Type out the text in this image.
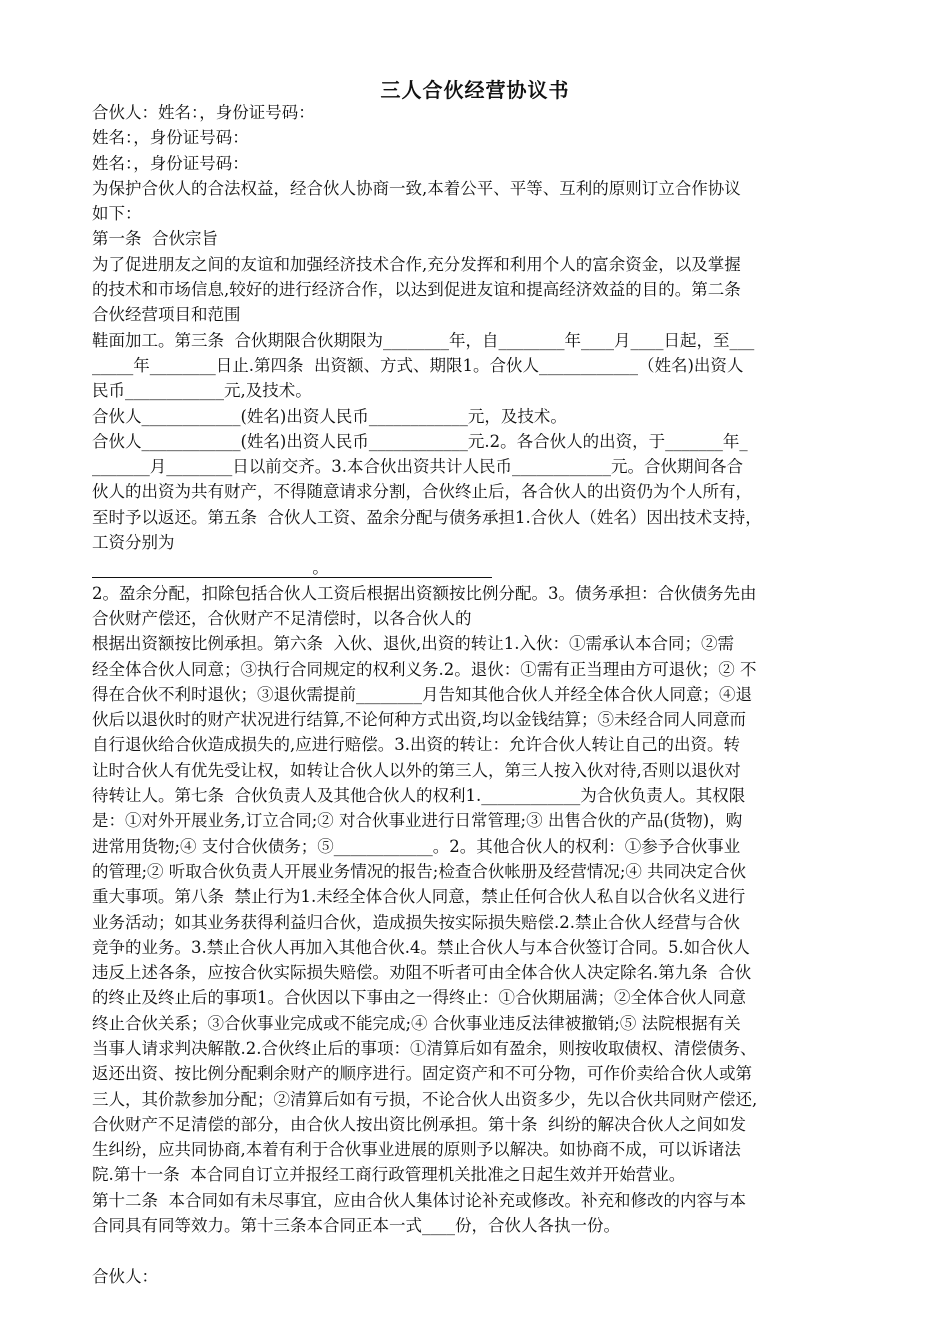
三人合伙经营协议书
合伙人：姓名：，身份证号码：
姓名：，身份证号码：
姓名：，身份证号码：
为保护合伙人的合法权益，经合伙人协商一致,本着公平、平等、互利的原则订立合作协议
如下：
第一条  合伙宗旨
为了促进朋友之间的友谊和加强经济技术合作,充分发挥和利用个人的富余资金，以及掌握
的技术和市场信息,较好的进行经济合作，以达到促进友谊和提高经济效益的目的。第二条
合伙经营项目和范围
鞋面加工。第三条  合伙期限合伙期限为________年，自________年____月____日起，至___
_____年________日止.第四条  出资额、方式、期限1。合伙人____________（姓名)出资人
民币____________元,及技术。
合伙人____________(姓名)出资人民币____________元，及技术。
合伙人____________(姓名)出资人民币____________元.2。各合伙人的出资，于_______年_
_______月________日以前交齐。3.本合伙出资共计人民币____________元。合伙期间各合
伙人的出资为共有财产，不得随意请求分割，合伙终止后，各合伙人的出资仍为个人所有，
至时予以返还。第五条  合伙人工资、盈余分配与债务承担1.合伙人（姓名）因出技术支持，
工资分别为
。
2。盈余分配，扣除包括合伙人工资后根据出资额按比例分配。3。债务承担：合伙债务先由
合伙财产偿还，合伙财产不足清偿时，以各合伙人的
根据出资额按比例承担。第六条  入伙、退伙,出资的转让1.入伙：①需承认本合同；②需
经全体合伙人同意；③执行合同规定的权利义务.2。退伙：①需有正当理由方可退伙；② 不
得在合伙不利时退伙；③退伙需提前________月告知其他合伙人并经全体合伙人同意；④退
伙后以退伙时的财产状况进行结算,不论何种方式出资,均以金钱结算；⑤未经合同人同意而
自行退伙给合伙造成损失的,应进行赔偿。3.出资的转让：允许合伙人转让自己的出资。转
让时合伙人有优先受让权，如转让合伙人以外的第三人，第三人按入伙对待,否则以退伙对
待转让人。第七条  合伙负责人及其他合伙人的权利1.____________为合伙负责人。其权限
是：①对外开展业务,订立合同;② 对合伙事业进行日常管理;③ 出售合伙的产品(货物)，购
进常用货物;④ 支付合伙债务；⑤____________。2。其他合伙人的权利：①参予合伙事业
的管理;② 听取合伙负责人开展业务情况的报告;检查合伙帐册及经营情况;④ 共同决定合伙
重大事项。第八条  禁止行为1.未经全体合伙人同意，禁止任何合伙人私自以合伙名义进行
业务活动；如其业务获得利益归合伙，造成损失按实际损失赔偿.2.禁止合伙人经营与合伙
竞争的业务。3.禁止合伙人再加入其他合伙.4。禁止合伙人与本合伙签订合同。5.如合伙人
违反上述各条，应按合伙实际损失赔偿。劝阻不听者可由全体合伙人决定除名.第九条  合伙
的终止及终止后的事项1。合伙因以下事由之一得终止：①合伙期届满；②全体合伙人同意
终止合伙关系；③合伙事业完成或不能完成;④ 合伙事业违反法律被撤销;⑤ 法院根据有关
当事人请求判决解散.2.合伙终止后的事项：①清算后如有盈余，则按收取债权、清偿债务、
返还出资、按比例分配剩余财产的顺序进行。固定资产和不可分物，可作价卖给合伙人或第
三人，其价款参加分配；②清算后如有亏损，不论合伙人出资多少，先以合伙共同财产偿还,
合伙财产不足清偿的部分，由合伙人按出资比例承担。第十条  纠纷的解决合伙人之间如发
生纠纷，应共同协商,本着有利于合伙事业进展的原则予以解决。如协商不成，可以诉诸法
院.第十一条  本合同自订立并报经工商行政管理机关批准之日起生效并开始营业。
第十二条  本合同如有未尽事宜，应由合伙人集体讨论补充或修改。补充和修改的内容与本
合同具有同等效力。第十三条本合同正本一式____份，合伙人各执一份。
合伙人：
